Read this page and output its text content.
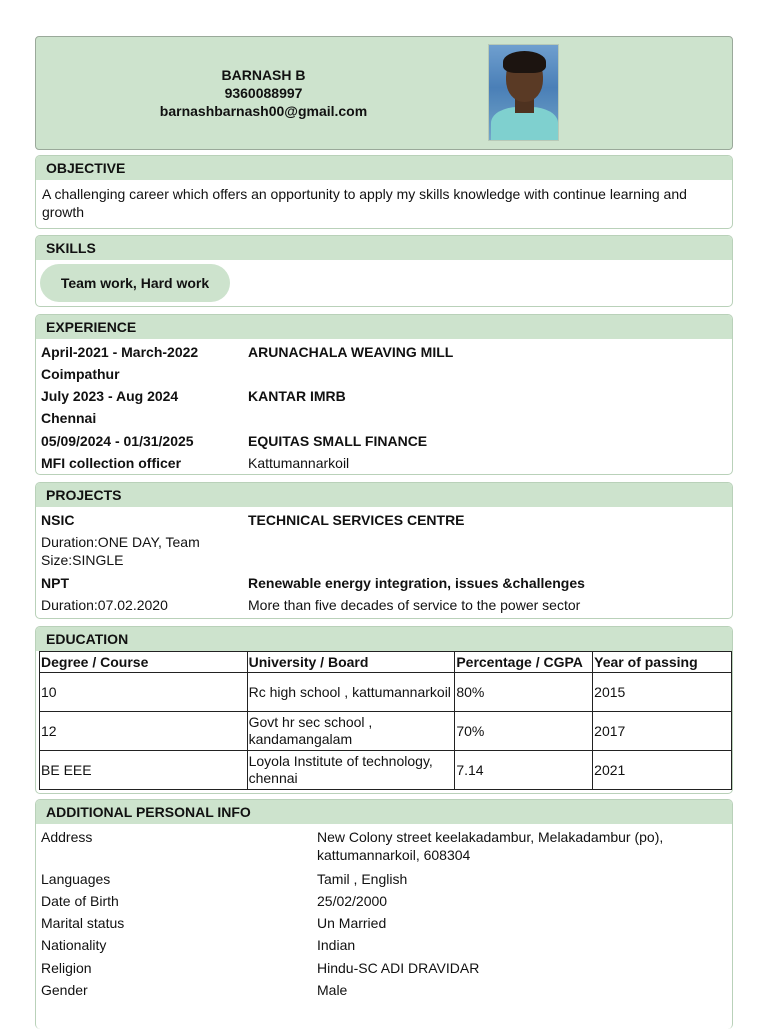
BARNASH B
9360088997
barnashbarnash00@gmail.com
OBJECTIVE
A challenging career which offers an opportunity to apply my skills knowledge with continue learning and growth
SKILLS
Team work, Hard work
EXPERIENCE
April-2021 - March-2022	ARUNACHALA WEAVING MILL
Coimpathur
July 2023 - Aug 2024	KANTAR IMRB
Chennai
05/09/2024 - 01/31/2025	EQUITAS SMALL FINANCE
MFI collection officer	Kattumannarkoil
PROJECTS
NSIC	TECHNICAL SERVICES CENTRE
Duration:ONE DAY, Team Size:SINGLE
NPT	Renewable energy integration, issues &challenges
Duration:07.02.2020	More than five decades of service to the power sector
EDUCATION
Degree / Course	University / Board	Percentage / CGPA	Year of passing
10	Rc high school , kattumannarkoil	80%	2015
12	Govt hr sec school , kandamangalam	70%	2017
BE EEE	Loyola Institute of technology, chennai	7.14	2021
ADDITIONAL PERSONAL INFO
Address	New Colony street keelakadambur, Melakadambur (po), kattumannarkoil, 608304
Languages	Tamil , English
Date of Birth	25/02/2000
Marital status	Un Married
Nationality	Indian
Religion	Hindu-SC ADI DRAVIDAR
Gender	Male
